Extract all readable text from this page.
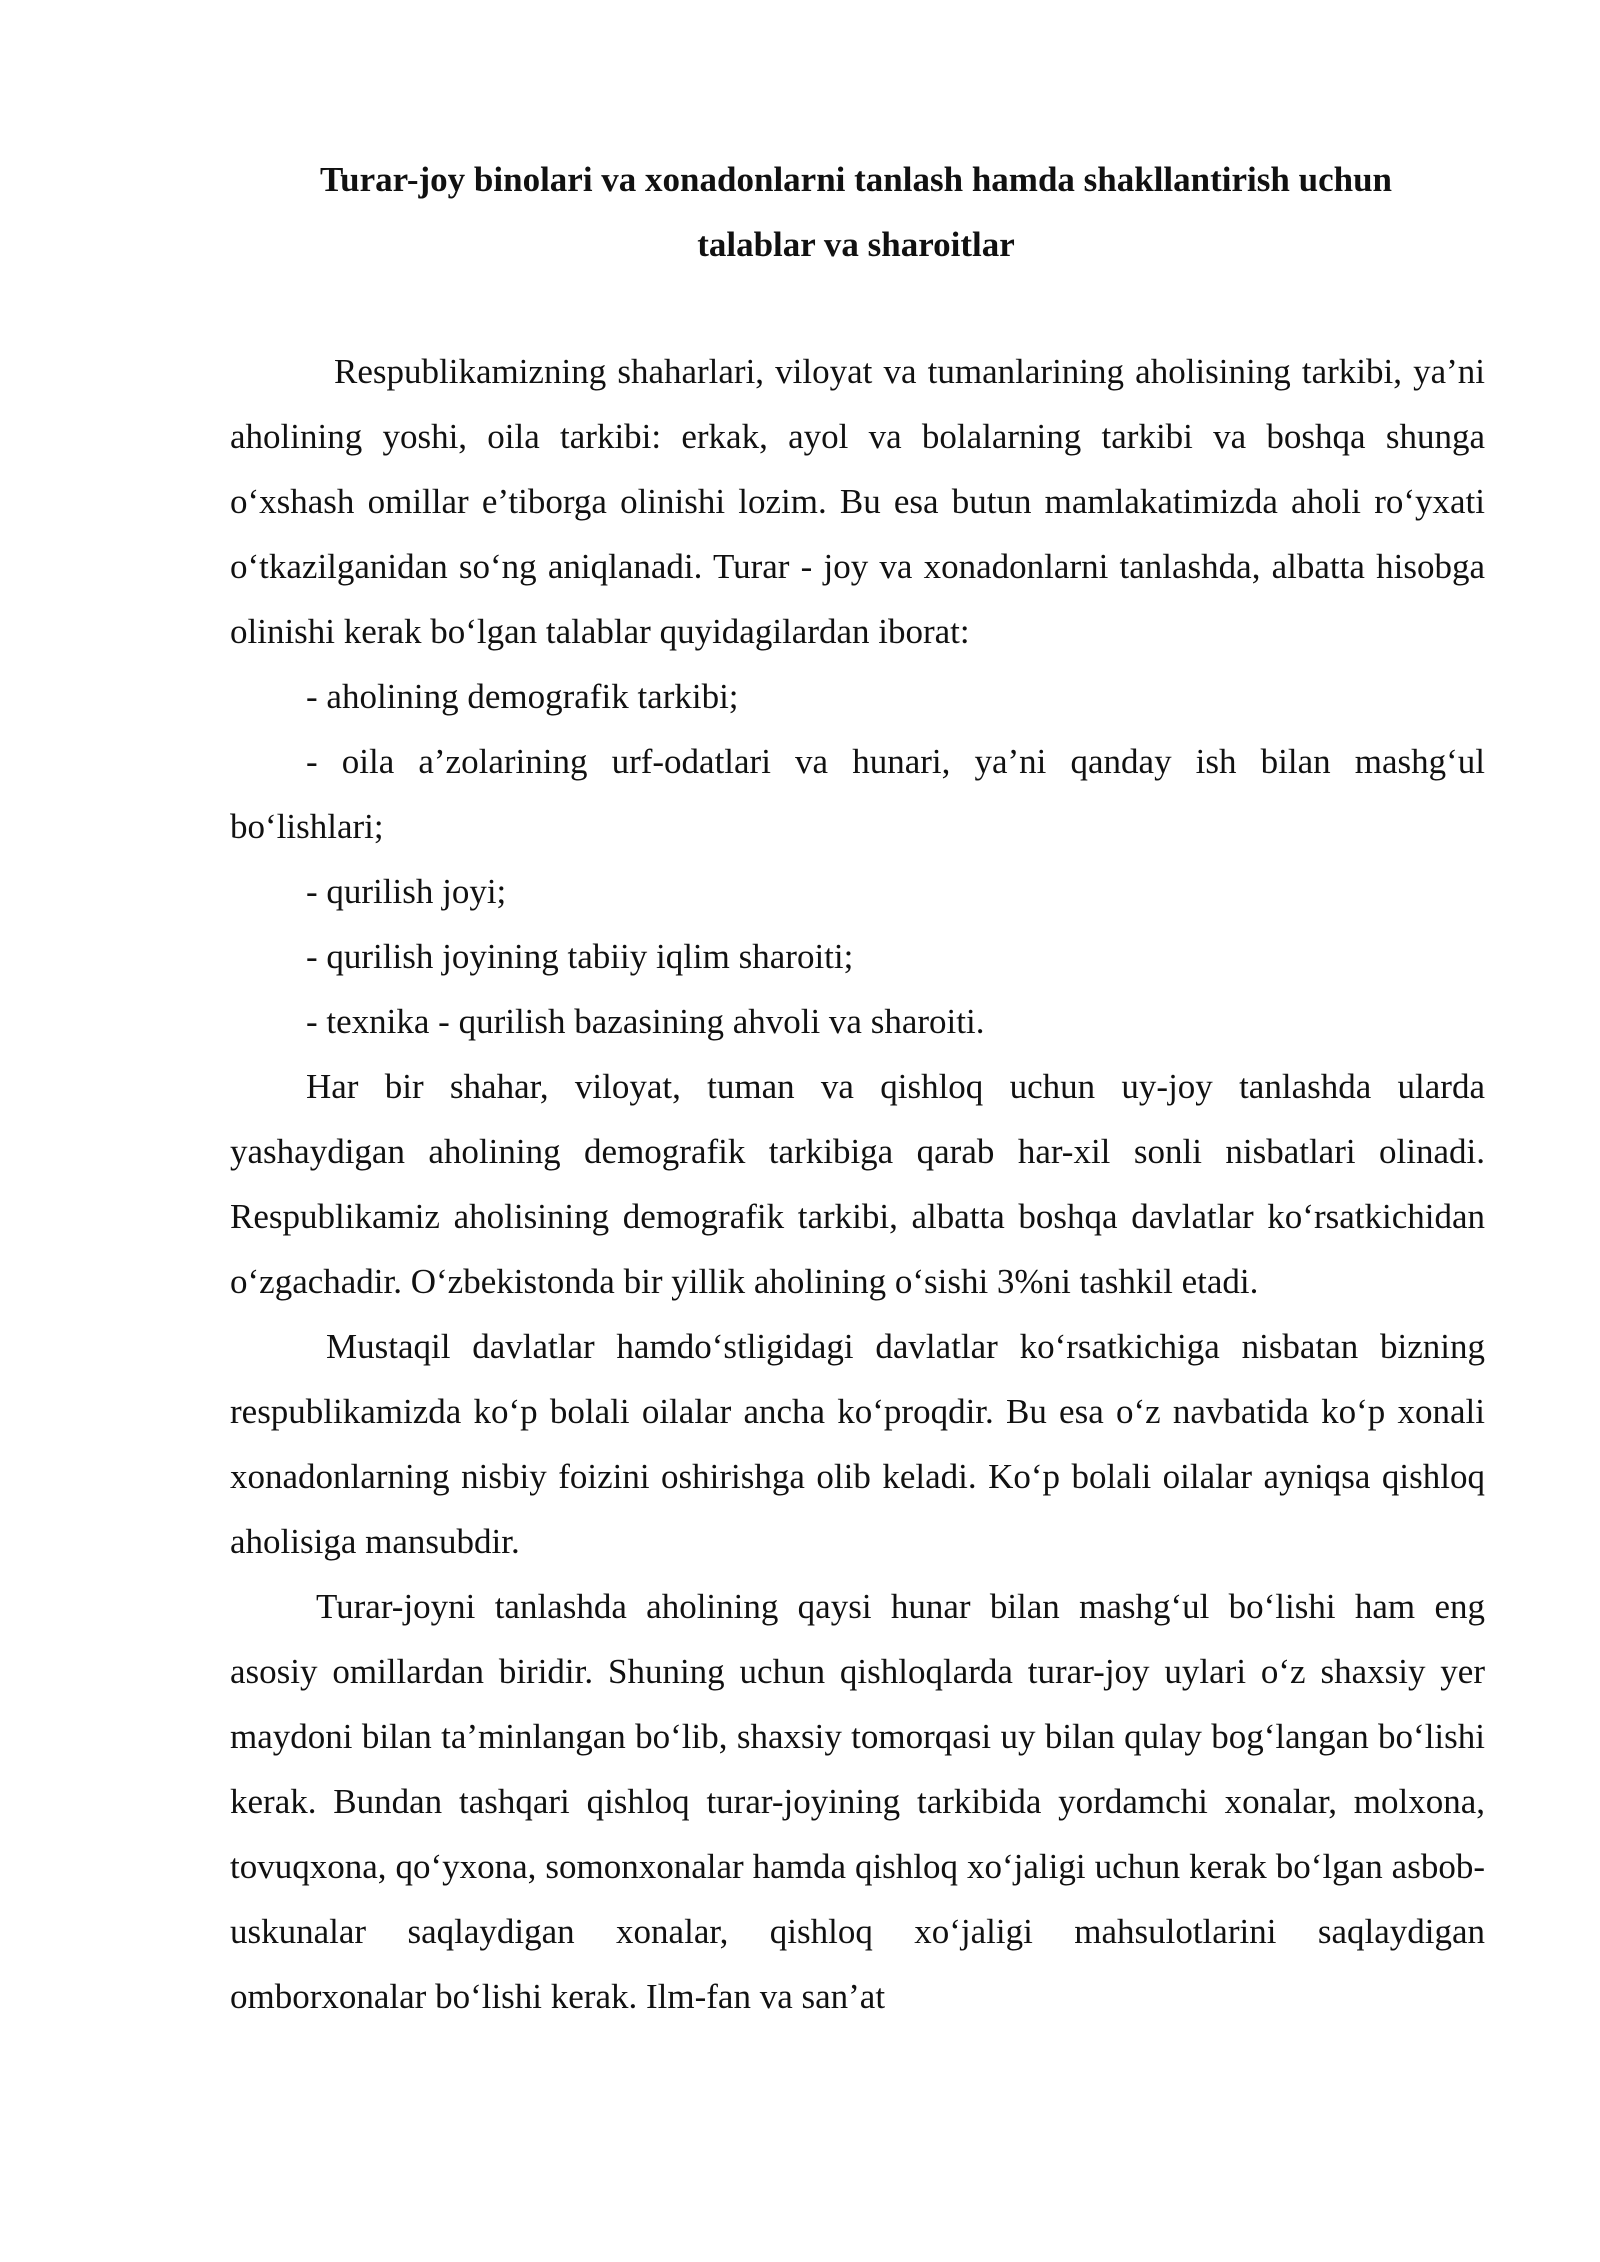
Turar-joy binolari va xonadonlarni tanlash hamda shakllantirish uchun
talablar va sharoitlar

Respublikamizning shaharlari, viloyat va tumanlarining aholisining tarkibi, ya’ni aholining yoshi, oila tarkibi: erkak, ayol va bolalarning tarkibi va boshqa shunga o‘xshash omillar e’tiborga olinishi lozim. Bu esa butun mamlakatimizda aholi ro‘yxati o‘tkazilganidan so‘ng aniqlanadi. Turar - joy va xonadonlarni tanlashda, albatta hisobga olinishi kerak bo‘lgan talablar quyidagilardan iborat:

- aholining demografik tarkibi;

- oila a’zolarining urf-odatlari va hunari, ya’ni qanday ish bilan mashg‘ul bo‘lishlari;

- qurilish joyi;

- qurilish joyining tabiiy iqlim sharoiti;

- texnika - qurilish bazasining ahvoli va sharoiti.

Har bir shahar, viloyat, tuman va qishloq uchun uy-joy tanlashda ularda yashaydigan aholining demografik tarkibiga qarab har-xil sonli nisbatlari olinadi. Respublikamiz aholisining demografik tarkibi, albatta boshqa davlatlar ko‘rsatkichidan o‘zgachadir. O‘zbekistonda bir yillik aholining o‘sishi 3%ni tashkil etadi.

Mustaqil davlatlar hamdo‘stligidagi davlatlar ko‘rsatkichiga nisbatan bizning respublikamizda ko‘p bolali oilalar ancha ko‘proqdir. Bu esa o‘z navbatida ko‘p xonali xonadonlarning nisbiy foizini oshirishga olib keladi. Ko‘p bolali oilalar ayniqsa qishloq aholisiga mansubdir.

Turar-joyni tanlashda aholining qaysi hunar bilan mashg‘ul bo‘lishi ham eng asosiy omillardan biridir. Shuning uchun qishloqlarda turar-joy uylari o‘z shaxsiy yer maydoni bilan ta’minlangan bo‘lib, shaxsiy tomorqasi uy bilan qulay bog‘langan bo‘lishi kerak. Bundan tashqari qishloq turar-joyining tarkibida yordamchi xonalar, molxona, tovuqxona, qo‘yxona, somonxonalar hamda qishloq xo‘jaligi uchun kerak bo‘lgan asbob-uskunalar saqlaydigan xonalar, qishloq xo‘jaligi mahsulotlarini saqlaydigan omborxonalar bo‘lishi kerak. Ilm-fan va san’at
